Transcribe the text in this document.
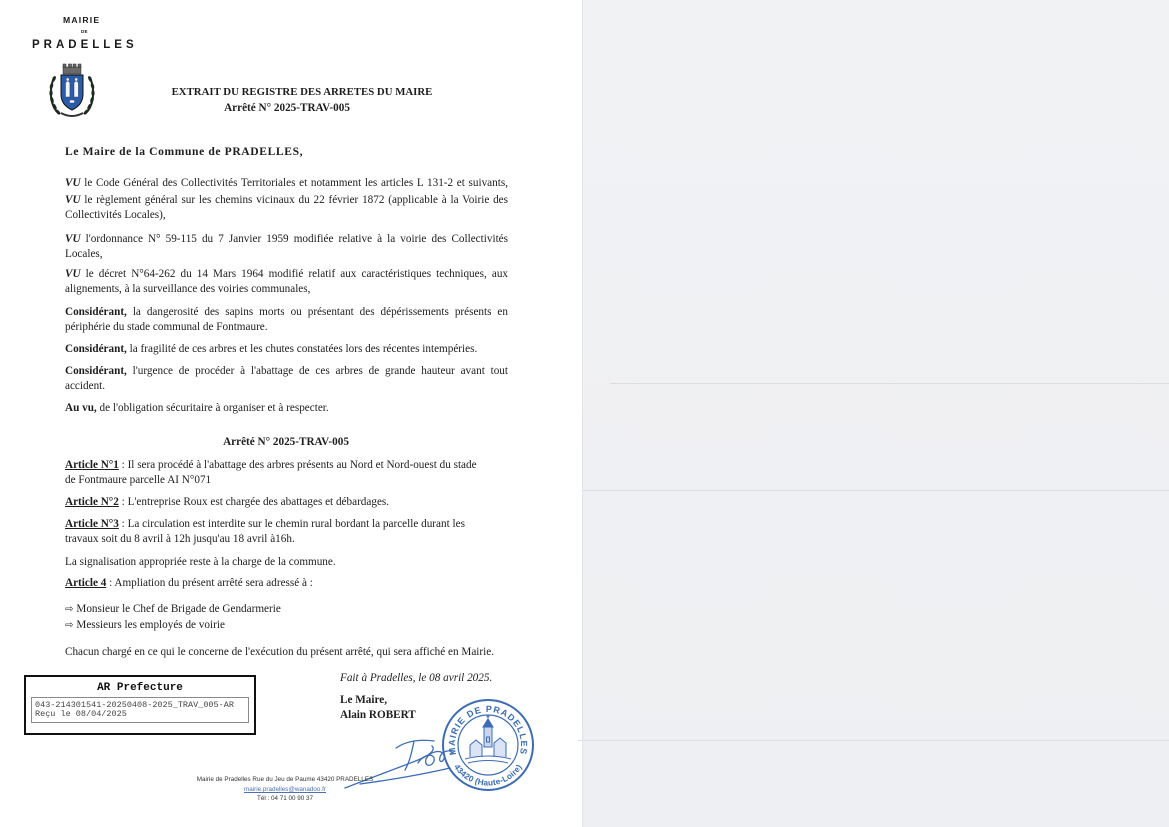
MAIRIE
DE
PRADELLES
EXTRAIT DU REGISTRE DES ARRETES DU MAIRE
Arrêté N° 2025-TRAV-005
Le Maire de la Commune de PRADELLES,
VU le Code Général des Collectivités Territoriales et notamment les articles L 131-2 et suivants,
VU le règlement général sur les chemins vicinaux du 22 février 1872 (applicable à la Voirie des
Collectivités Locales),
VU l'ordonnance N° 59-115 du 7 Janvier 1959 modifiée relative à la voirie des Collectivités
Locales,
VU le décret N°64-262 du 14 Mars 1964 modifié relatif aux caractéristiques techniques, aux
alignements, à la surveillance des voiries communales,
Considérant, la dangerosité des sapins morts ou présentant des dépérissements présents en
périphérie du stade communal de Fontmaure.
Considérant, la fragilité de ces arbres et les chutes constatées lors des récentes intempéries.
Considérant, l'urgence de procéder à l'abattage de ces arbres de grande hauteur avant tout
accident.
Au vu, de l'obligation sécuritaire à organiser et à respecter.
Arrêté N° 2025-TRAV-005
Article N°1 : Il sera procédé à l'abattage des arbres présents au Nord et Nord-ouest du stade
de Fontmaure parcelle AI N°071
Article N°2 : L'entreprise Roux est chargée des abattages et débardages.
Article N°3 : La circulation est interdite sur le chemin rural bordant la parcelle durant les
travaux soit du 8 avril à 12h jusqu'au 18 avril à16h.
La signalisation appropriée reste à la charge de la commune.
Article 4 : Ampliation du présent arrêté sera adressé à :
⇨ Monsieur le Chef de Brigade de Gendarmerie
⇨ Messieurs les employés de voirie
Chacun chargé en ce qui le concerne de l'exécution du présent arrêté, qui sera affiché en Mairie.
Fait à Pradelles, le 08 avril 2025.
Le Maire,
Alain ROBERT
MAIRIE DE PRADELLES
43420 (Haute-Loire)
AR Prefecture
043-214301541-20250408-2025_TRAV_005-AR
Reçu le 08/04/2025
Mairie de Pradelles Rue du Jeu de Paume 43420 PRADELLES
mairie.pradelles@wanadoo.fr
Tél : 04 71 00 90 37
